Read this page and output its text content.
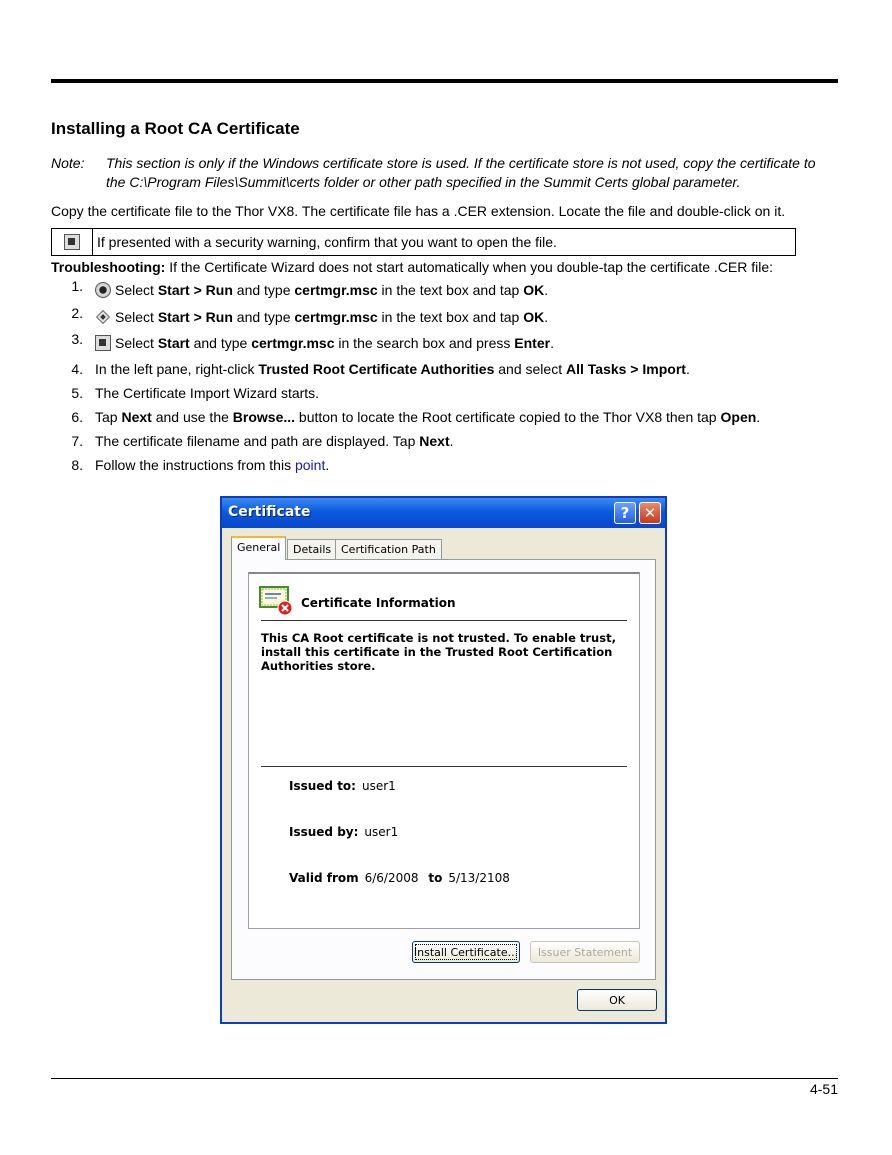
Installing a Root CA Certificate
Note: This section is only if the Windows certificate store is used. If the certificate store is not used, copy the certificate to
the C:\Program Files\Summit\certs folder or other path specified in the Summit Certs global parameter.
Copy the certificate file to the Thor VX8. The certificate file has a .CER extension. Locate the file and double-click on it.
If presented with a security warning, confirm that you want to open the file.
Troubleshooting: If the Certificate Wizard does not start automatically when you double-tap the certificate .CER file:
1. Select Start > Run and type certmgr.msc in the text box and tap OK.
2. Select Start > Run and type certmgr.msc in the text box and tap OK.
3. Select Start and type certmgr.msc in the search box and press Enter.
4. In the left pane, right-click Trusted Root Certificate Authorities and select All Tasks > Import.
5. The Certificate Import Wizard starts.
6. Tap Next and use the Browse... button to locate the Root certificate copied to the Thor VX8 then tap Open.
7. The certificate filename and path are displayed. Tap Next.
8. Follow the instructions from this point.
Certificate	? ✕
General	Details Certification Path
Certificate Information
This CA Root certificate is not trusted. To enable trust, install this certificate in the Trusted Root Certification Authorities store.
Issued to: user1
Issued by: user1
Valid from 6/6/2008 to 5/13/2108
Install Certificate...	Issuer Statement
OK
4-51
